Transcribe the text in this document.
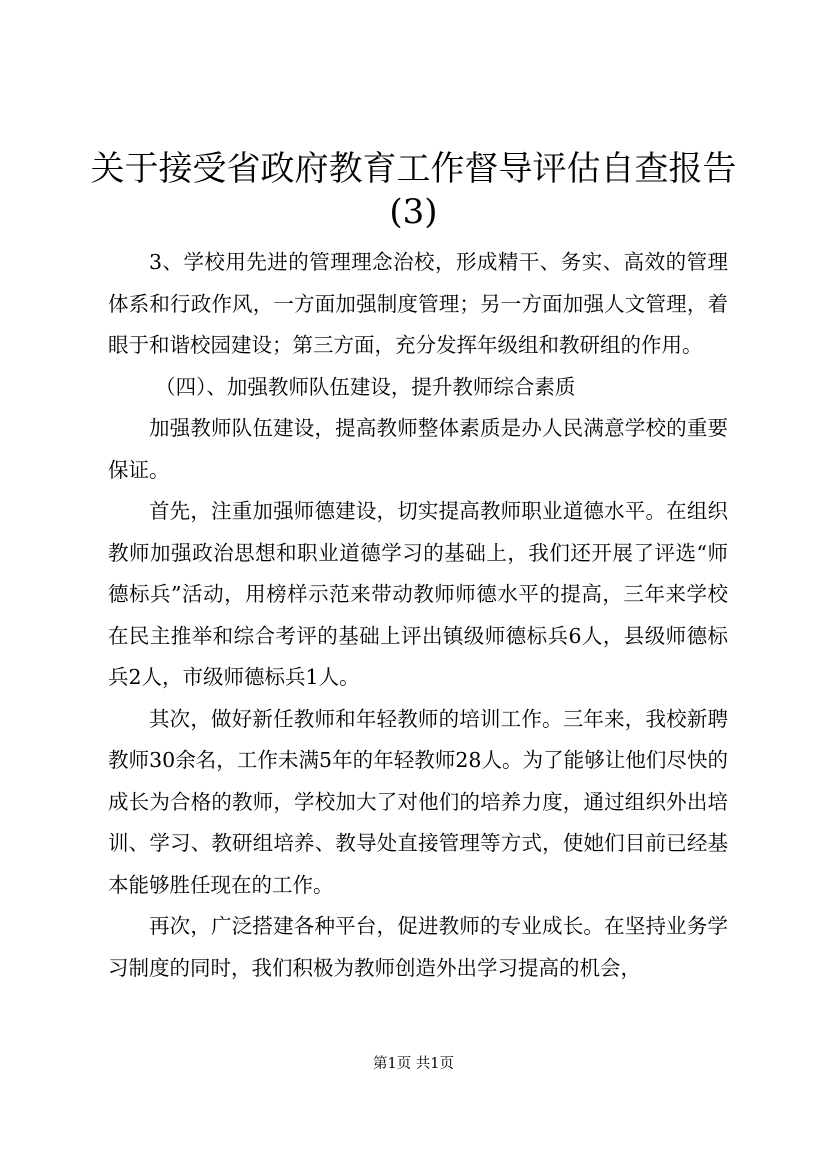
关于接受省政府教育工作督导评估自查报告
(3)

3、学校用先进的管理理念治校，形成精干、务实、高效的管理体系和行政作风，一方面加强制度管理；另一方面加强人文管理，着眼于和谐校园建设；第三方面，充分发挥年级组和教研组的作用。

（四）、加强教师队伍建设，提升教师综合素质

加强教师队伍建设，提高教师整体素质是办人民满意学校的重要保证。

首先，注重加强师德建设，切实提高教师职业道德水平。在组织教师加强政治思想和职业道德学习的基础上，我们还开展了评选“师德标兵”活动，用榜样示范来带动教师师德水平的提高，三年来学校在民主推举和综合考评的基础上评出镇级师德标兵6人，县级师德标兵2人，市级师德标兵1人。

其次，做好新任教师和年轻教师的培训工作。三年来，我校新聘教师30余名，工作未满5年的年轻教师28人。为了能够让他们尽快的成长为合格的教师，学校加大了对他们的培养力度，通过组织外出培训、学习、教研组培养、教导处直接管理等方式，使她们目前已经基本能够胜任现在的工作。

再次，广泛搭建各种平台，促进教师的专业成长。在坚持业务学习制度的同时，我们积极为教师创造外出学习提高的机会，

第1页 共1页
